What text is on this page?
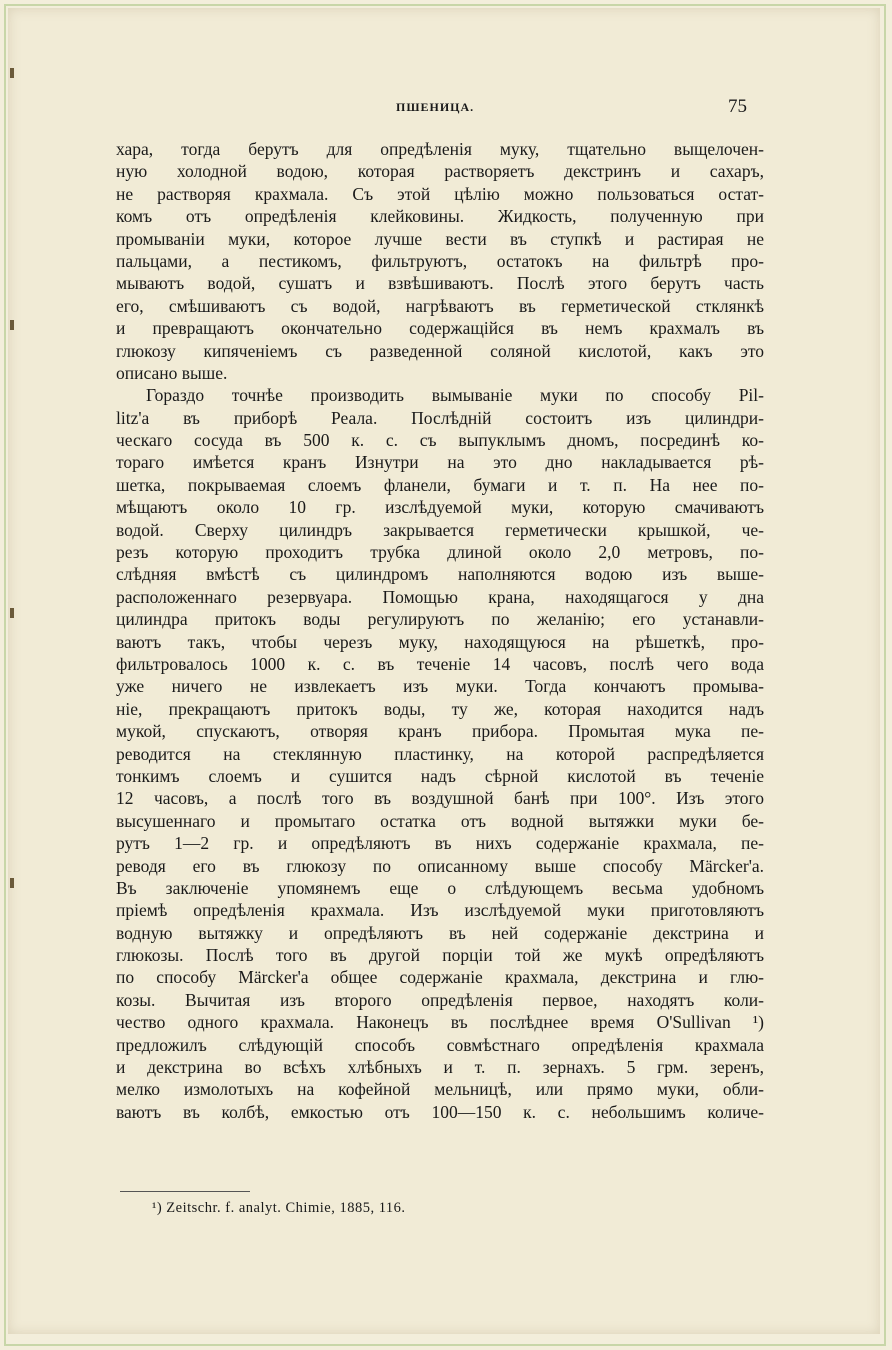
ПШЕНИЦА.	75
хара, тогда берутъ для опредѣленія муку, тщательно выщелочен-
ную холодной водою, которая растворяетъ декстринъ и сахаръ,
не растворяя крахмала. Съ этой цѣлію можно пользоваться остат-
комъ отъ опредѣленія клейковины. Жидкость, полученную при
промываніи муки, которое лучше вести въ ступкѣ и растирая не
пальцами, а пестикомъ, фильтруютъ, остатокъ на фильтрѣ про-
мываютъ водой, сушатъ и взвѣшиваютъ. Послѣ этого берутъ часть
его, смѣшиваютъ съ водой, нагрѣваютъ въ герметической стклянкѣ
и превращаютъ окончательно содержащійся въ немъ крахмалъ въ
глюкозу кипяченіемъ съ разведенной соляной кислотой, какъ это
описано выше.
Гораздо точнѣе производить вымываніе муки по способу Pil-
litz'а въ приборѣ Реала. Послѣдній состоитъ изъ цилиндри-
ческаго сосуда въ 500 к. с. съ выпуклымъ дномъ, посрединѣ ко-
тораго имѣется кранъ Изнутри на это дно накладывается рѣ-
шетка, покрываемая слоемъ фланели, бумаги и т. п. На нее по-
мѣщаютъ около 10 гр. изслѣдуемой муки, которую смачиваютъ
водой. Сверху цилиндръ закрывается герметически крышкой, че-
резъ которую проходитъ трубка длиной около 2,0 метровъ, по-
слѣдняя вмѣстѣ съ цилиндромъ наполняются водою изъ выше-
расположеннаго резервуара. Помощью крана, находящагося у дна
цилиндра притокъ воды регулируютъ по желанію; его устанавли-
ваютъ такъ, чтобы черезъ муку, находящуюся на рѣшеткѣ, про-
фильтровалось 1000 к. с. въ теченіе 14 часовъ, послѣ чего вода
уже ничего не извлекаетъ изъ муки. Тогда кончаютъ промыва-
ніе, прекращаютъ притокъ воды, ту же, которая находится надъ
мукой, спускаютъ, отворяя кранъ прибора. Промытая мука пе-
реводится на стеклянную пластинку, на которой распредѣляется
тонкимъ слоемъ и сушится надъ сѣрной кислотой въ теченіе
12 часовъ, а послѣ того въ воздушной банѣ при 100°. Изъ этого
высушеннаго и промытаго остатка отъ водной вытяжки муки бе-
рутъ 1—2 гр. и опредѣляютъ въ нихъ содержаніе крахмала, пе-
реводя его въ глюкозу по описанному выше способу Märcker'а.
Въ заключеніе упомянемъ еще о слѣдующемъ весьма удобномъ
пріемѣ опредѣленія крахмала. Изъ изслѣдуемой муки приготовляютъ
водную вытяжку и опредѣляютъ въ ней содержаніе декстрина и
глюкозы. Послѣ того въ другой порціи той же мукѣ опредѣляютъ
по способу Märcker'а общее содержаніе крахмала, декстрина и глю-
козы. Вычитая изъ второго опредѣленія первое, находятъ коли-
чество одного крахмала. Наконецъ въ послѣднее время O'Sullivan ¹)
предложилъ слѣдующій способъ совмѣстнаго опредѣленія крахмала
и декстрина во всѣхъ хлѣбныхъ и т. п. зернахъ. 5 грм. зеренъ,
мелко измолотыхъ на кофейной мельницѣ, или прямо муки, обли-
ваютъ въ колбѣ, емкостью отъ 100—150 к. с. небольшимъ количе-
¹) Zeitschr. f. analyt. Chimie, 1885, 116.
